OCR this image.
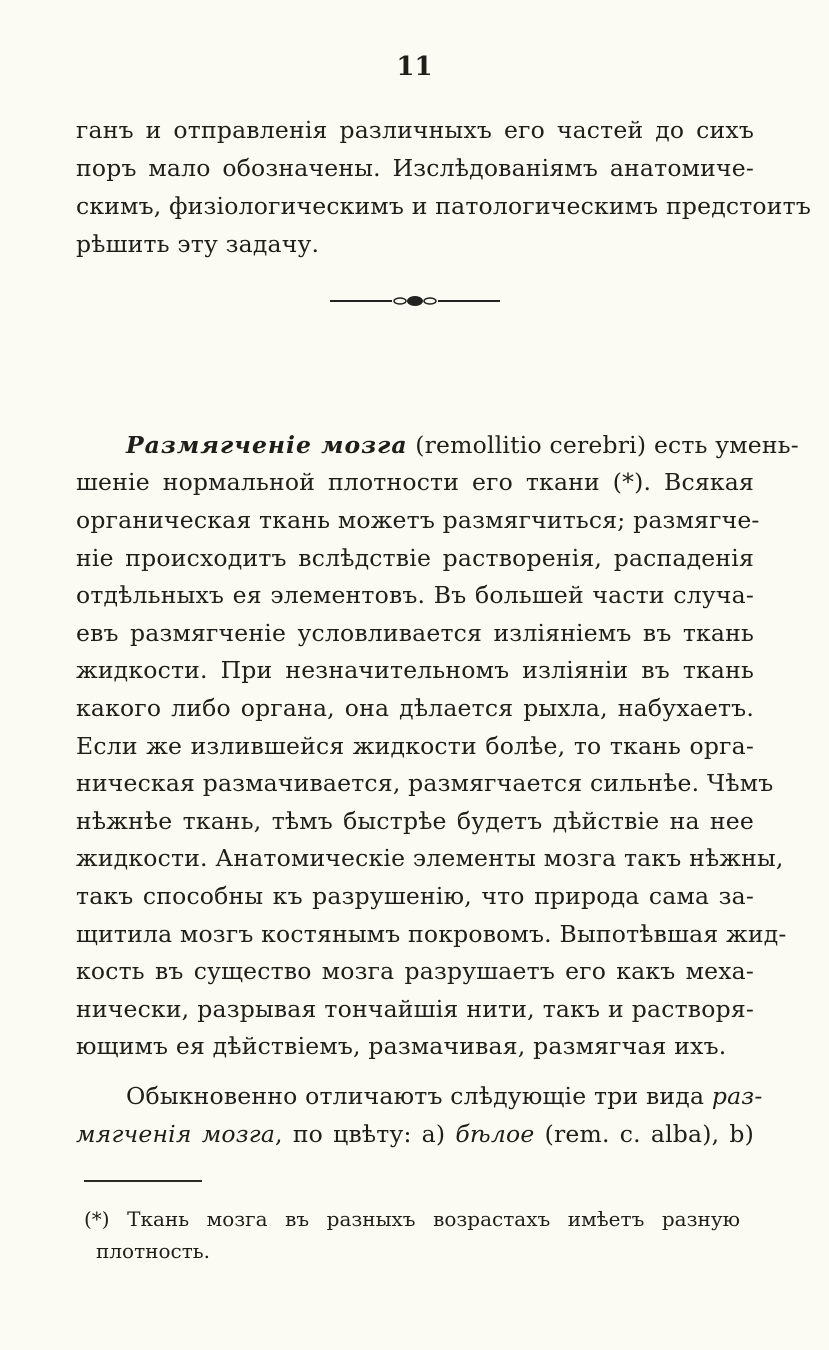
11
ганъ и отправленія различныхъ его частей до сихъ
поръ мало обозначены. Изслѣдованіямъ анатомиче-
скимъ, физіологическимъ и патологическимъ предстоитъ
рѣшить эту задачу.
Размягченіе мозга (remollitio cerebri) есть умень-
шеніе нормальной плотности его ткани (*). Всякая
органическая ткань можетъ размягчиться; размягче-
ніе происходитъ вслѣдствіе растворенія, распаденія
отдѣльныхъ ея элементовъ. Въ большей части случа-
евъ размягченіе условливается изліяніемъ въ ткань
жидкости. При незначительномъ изліяніи въ ткань
какого либо органа, она дѣлается рыхла, набухаетъ.
Если же излившейся жидкости болѣе, то ткань орга-
ническая размачивается, размягчается сильнѣе. Чѣмъ
нѣжнѣе ткань, тѣмъ быстрѣе будетъ дѣйствіе на нее
жидкости. Анатомическіе элементы мозга такъ нѣжны,
такъ способны къ разрушенію, что природа сама за-
щитила мозгъ костянымъ покровомъ. Выпотѣвшая жид-
кость въ существо мозга разрушаетъ его какъ меха-
нически, разрывая тончайшія нити, такъ и растворя-
ющимъ ея дѣйствіемъ, размачивая, размягчая ихъ.
Обыкновенно отличаютъ слѣдующіе три вида раз-
мягченія мозга, по цвѣту: а) бѣлое (rem. c. alba), b)
(*) Ткань мозга въ разныхъ возрастахъ имѣетъ разную
плотность.
